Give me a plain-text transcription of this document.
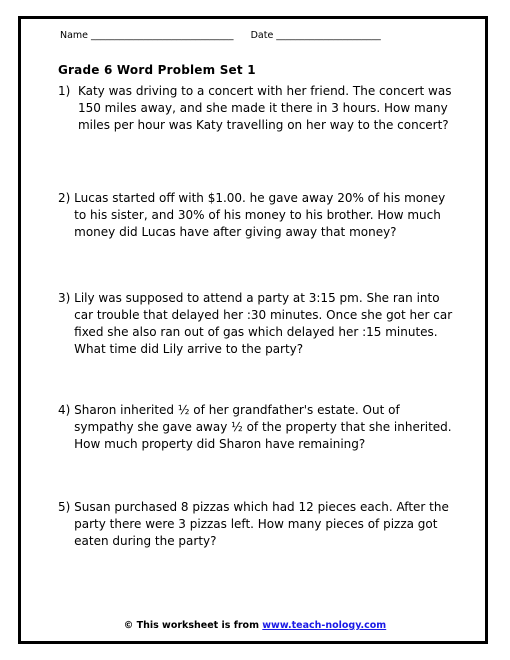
Name ______________________________ Date ______________________
Grade 6 Word Problem Set 1
1) Katy was driving to a concert with her friend. The concert was 150 miles away, and she made it there in 3 hours. How many miles per hour was Katy travelling on her way to the concert?
2) Lucas started off with $1.00. he gave away 20% of his money to his sister, and 30% of his money to his brother. How much money did Lucas have after giving away that money?
3) Lily was supposed to attend a party at 3:15 pm. She ran into car trouble that delayed her :30 minutes. Once she got her car fixed she also ran out of gas which delayed her :15 minutes. What time did Lily arrive to the party?
4) Sharon inherited ½ of her grandfather's estate. Out of sympathy she gave away ½ of the property that she inherited. How much property did Sharon have remaining?
5) Susan purchased 8 pizzas which had 12 pieces each. After the party there were 3 pizzas left. How many pieces of pizza got eaten during the party?
© This worksheet is from www.teach-nology.com
